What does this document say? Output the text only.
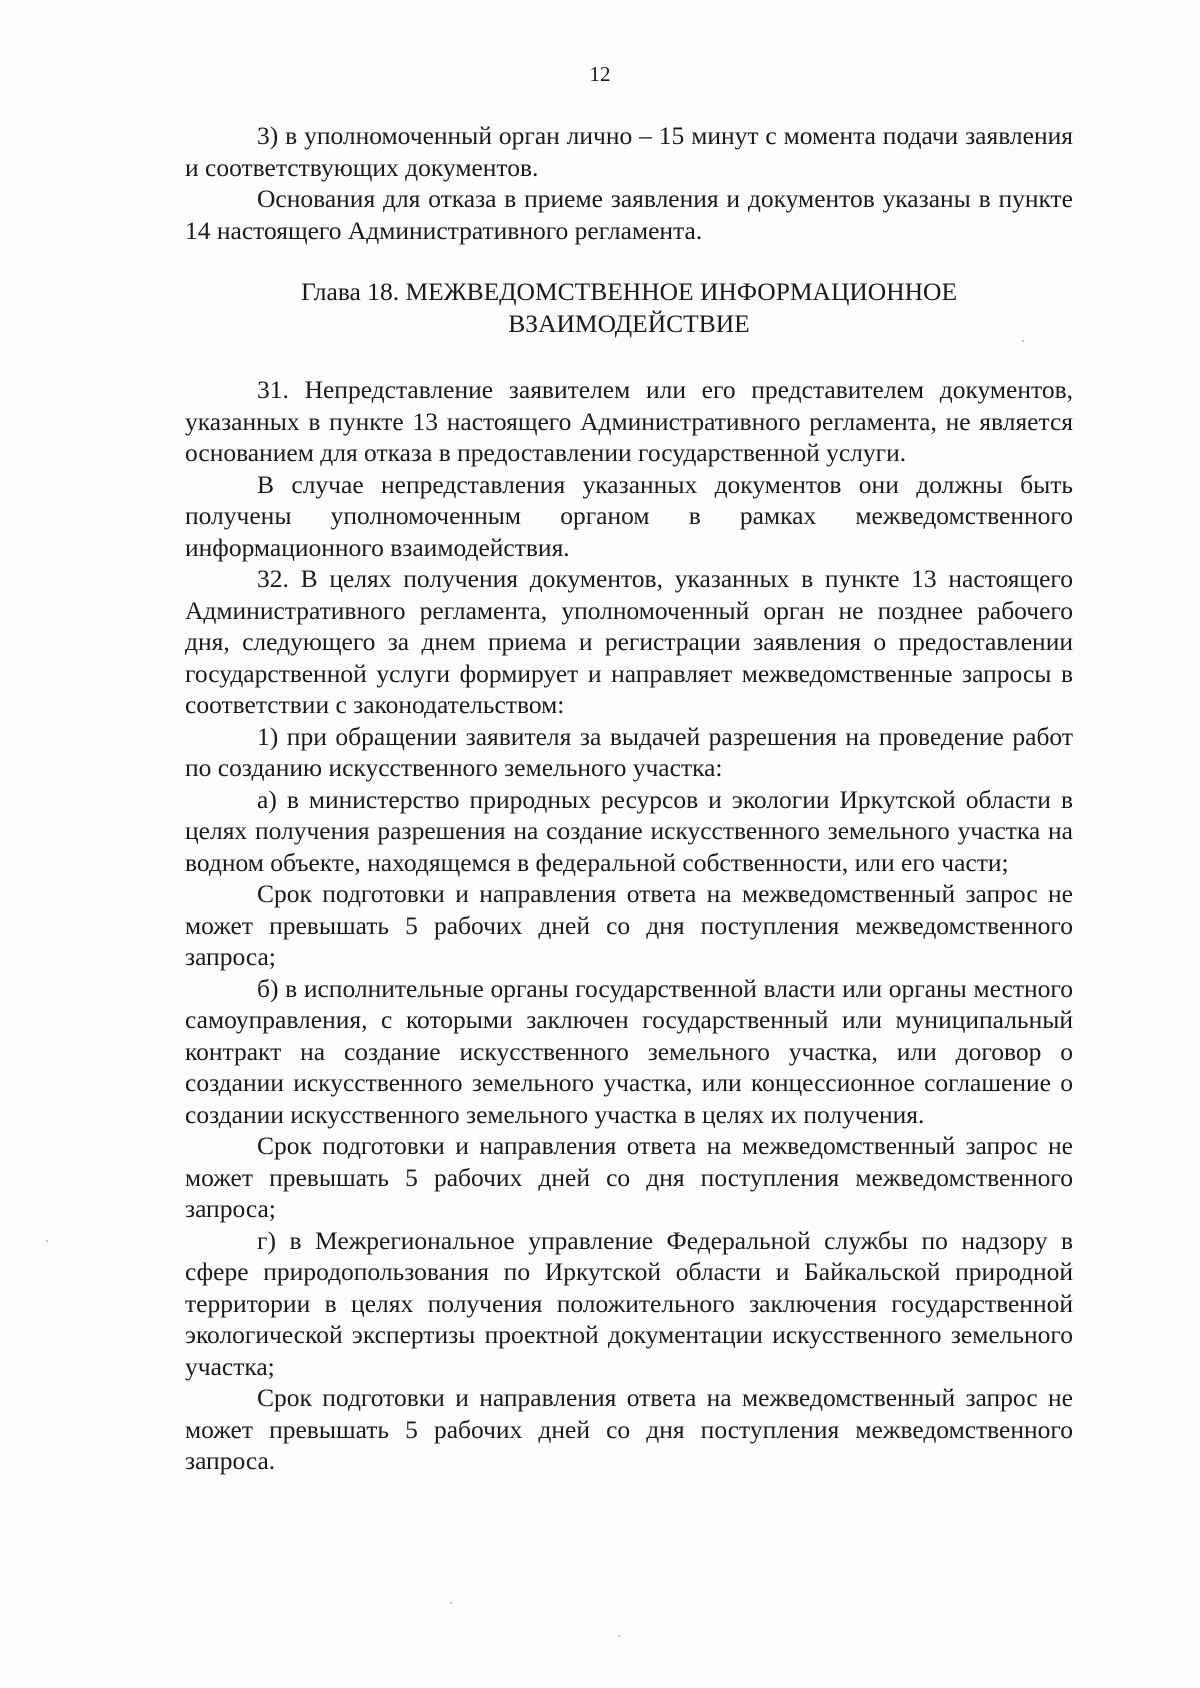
12

3) в уполномоченный орган лично – 15 минут с момента подачи заявления и соответствующих документов.

Основания для отказа в приеме заявления и документов указаны в пункте 14 настоящего Административного регламента.

Глава 18. МЕЖВЕДОМСТВЕННОЕ ИНФОРМАЦИОННОЕ
ВЗАИМОДЕЙСТВИЕ

31. Непредставление заявителем или его представителем документов, указанных в пункте 13 настоящего Административного регламента, не является основанием для отказа в предоставлении государственной услуги.

В случае непредставления указанных документов они должны быть получены уполномоченным органом в рамках межведомственного информационного взаимодействия.

32. В целях получения документов, указанных в пункте 13 настоящего Административного регламента, уполномоченный орган не позднее рабочего дня, следующего за днем приема и регистрации заявления о предоставлении государственной услуги формирует и направляет межведомственные запросы в соответствии с законодательством:

1) при обращении заявителя за выдачей разрешения на проведение работ по созданию искусственного земельного участка:

а) в министерство природных ресурсов и экологии Иркутской области в целях получения разрешения на создание искусственного земельного участка на водном объекте, находящемся в федеральной собственности, или его части;

Срок подготовки и направления ответа на межведомственный запрос не может превышать 5 рабочих дней со дня поступления межведомственного запроса;

б) в исполнительные органы государственной власти или органы местного самоуправления, с которыми заключен государственный или муниципальный контракт на создание искусственного земельного участка, или договор о создании искусственного земельного участка, или концессионное соглашение о создании искусственного земельного участка в целях их получения.

Срок подготовки и направления ответа на межведомственный запрос не может превышать 5 рабочих дней со дня поступления межведомственного запроса;

г) в Межрегиональное управление Федеральной службы по надзору в сфере природопользования по Иркутской области и Байкальской природной территории в целях получения положительного заключения государственной экологической экспертизы проектной документации искусственного земельного участка;

Срок подготовки и направления ответа на межведомственный запрос не может превышать 5 рабочих дней со дня поступления межведомственного запроса.
